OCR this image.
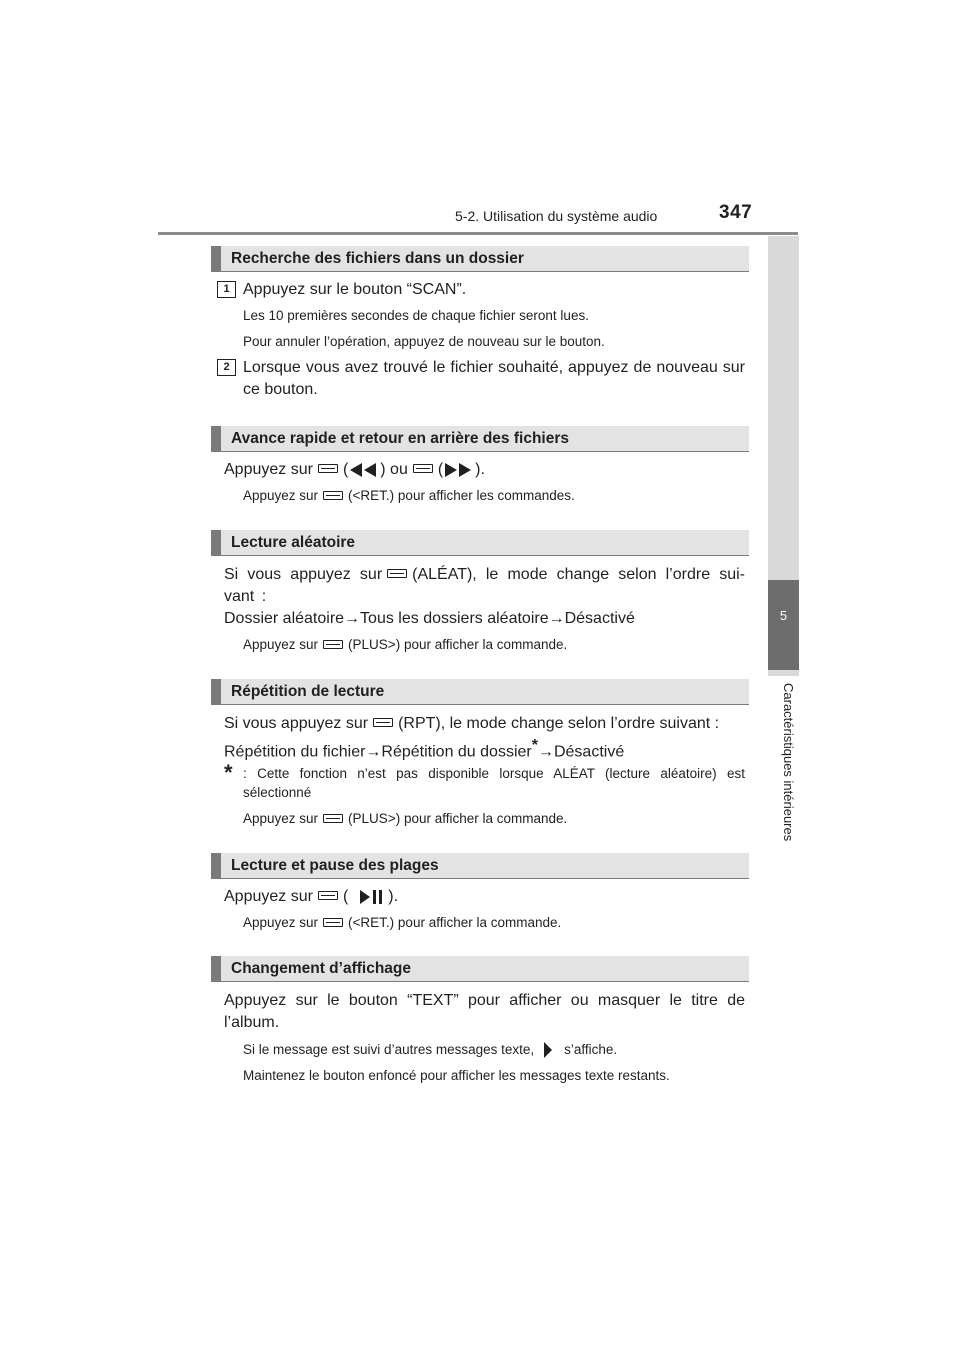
5-2. Utilisation du système audio	347
5
Caractéristiques intérieures
Recherche des fichiers dans un dossier
1 Appuyez sur le bouton “SCAN”.
Les 10 premières secondes de chaque fichier seront lues.
Pour annuler l’opération, appuyez de nouveau sur le bouton.
2 Lorsque vous avez trouvé le fichier souhaité, appuyez de nouveau sur ce bouton.
Avance rapide et retour en arrière des fichiers
Appuyez sur ( ) ou ( ).
Appuyez sur (<RET.) pour afficher les commandes.
Lecture aléatoire
Si vous appuyez sur (ALÉAT), le mode change selon l’ordre sui- vant :
Dossier aléatoire→Tous les dossiers aléatoire→Désactivé
Appuyez sur (PLUS>) pour afficher la commande.
Répétition de lecture
Si vous appuyez sur (RPT), le mode change selon l’ordre suivant :
Répétition du fichier→Répétition du dossier*→Désactivé
* : Cette fonction n’est pas disponible lorsque ALÉAT (lecture aléatoire) est sélectionné
Appuyez sur (PLUS>) pour afficher la commande.
Lecture et pause des plages
Appuyez sur (	).
Appuyez sur (<RET.) pour afficher la commande.
Changement d’affichage
Appuyez sur le bouton “TEXT” pour afficher ou masquer le titre de l’album.
Si le message est suivi d’autres messages texte, s’affiche.
Maintenez le bouton enfoncé pour afficher les messages texte restants.
